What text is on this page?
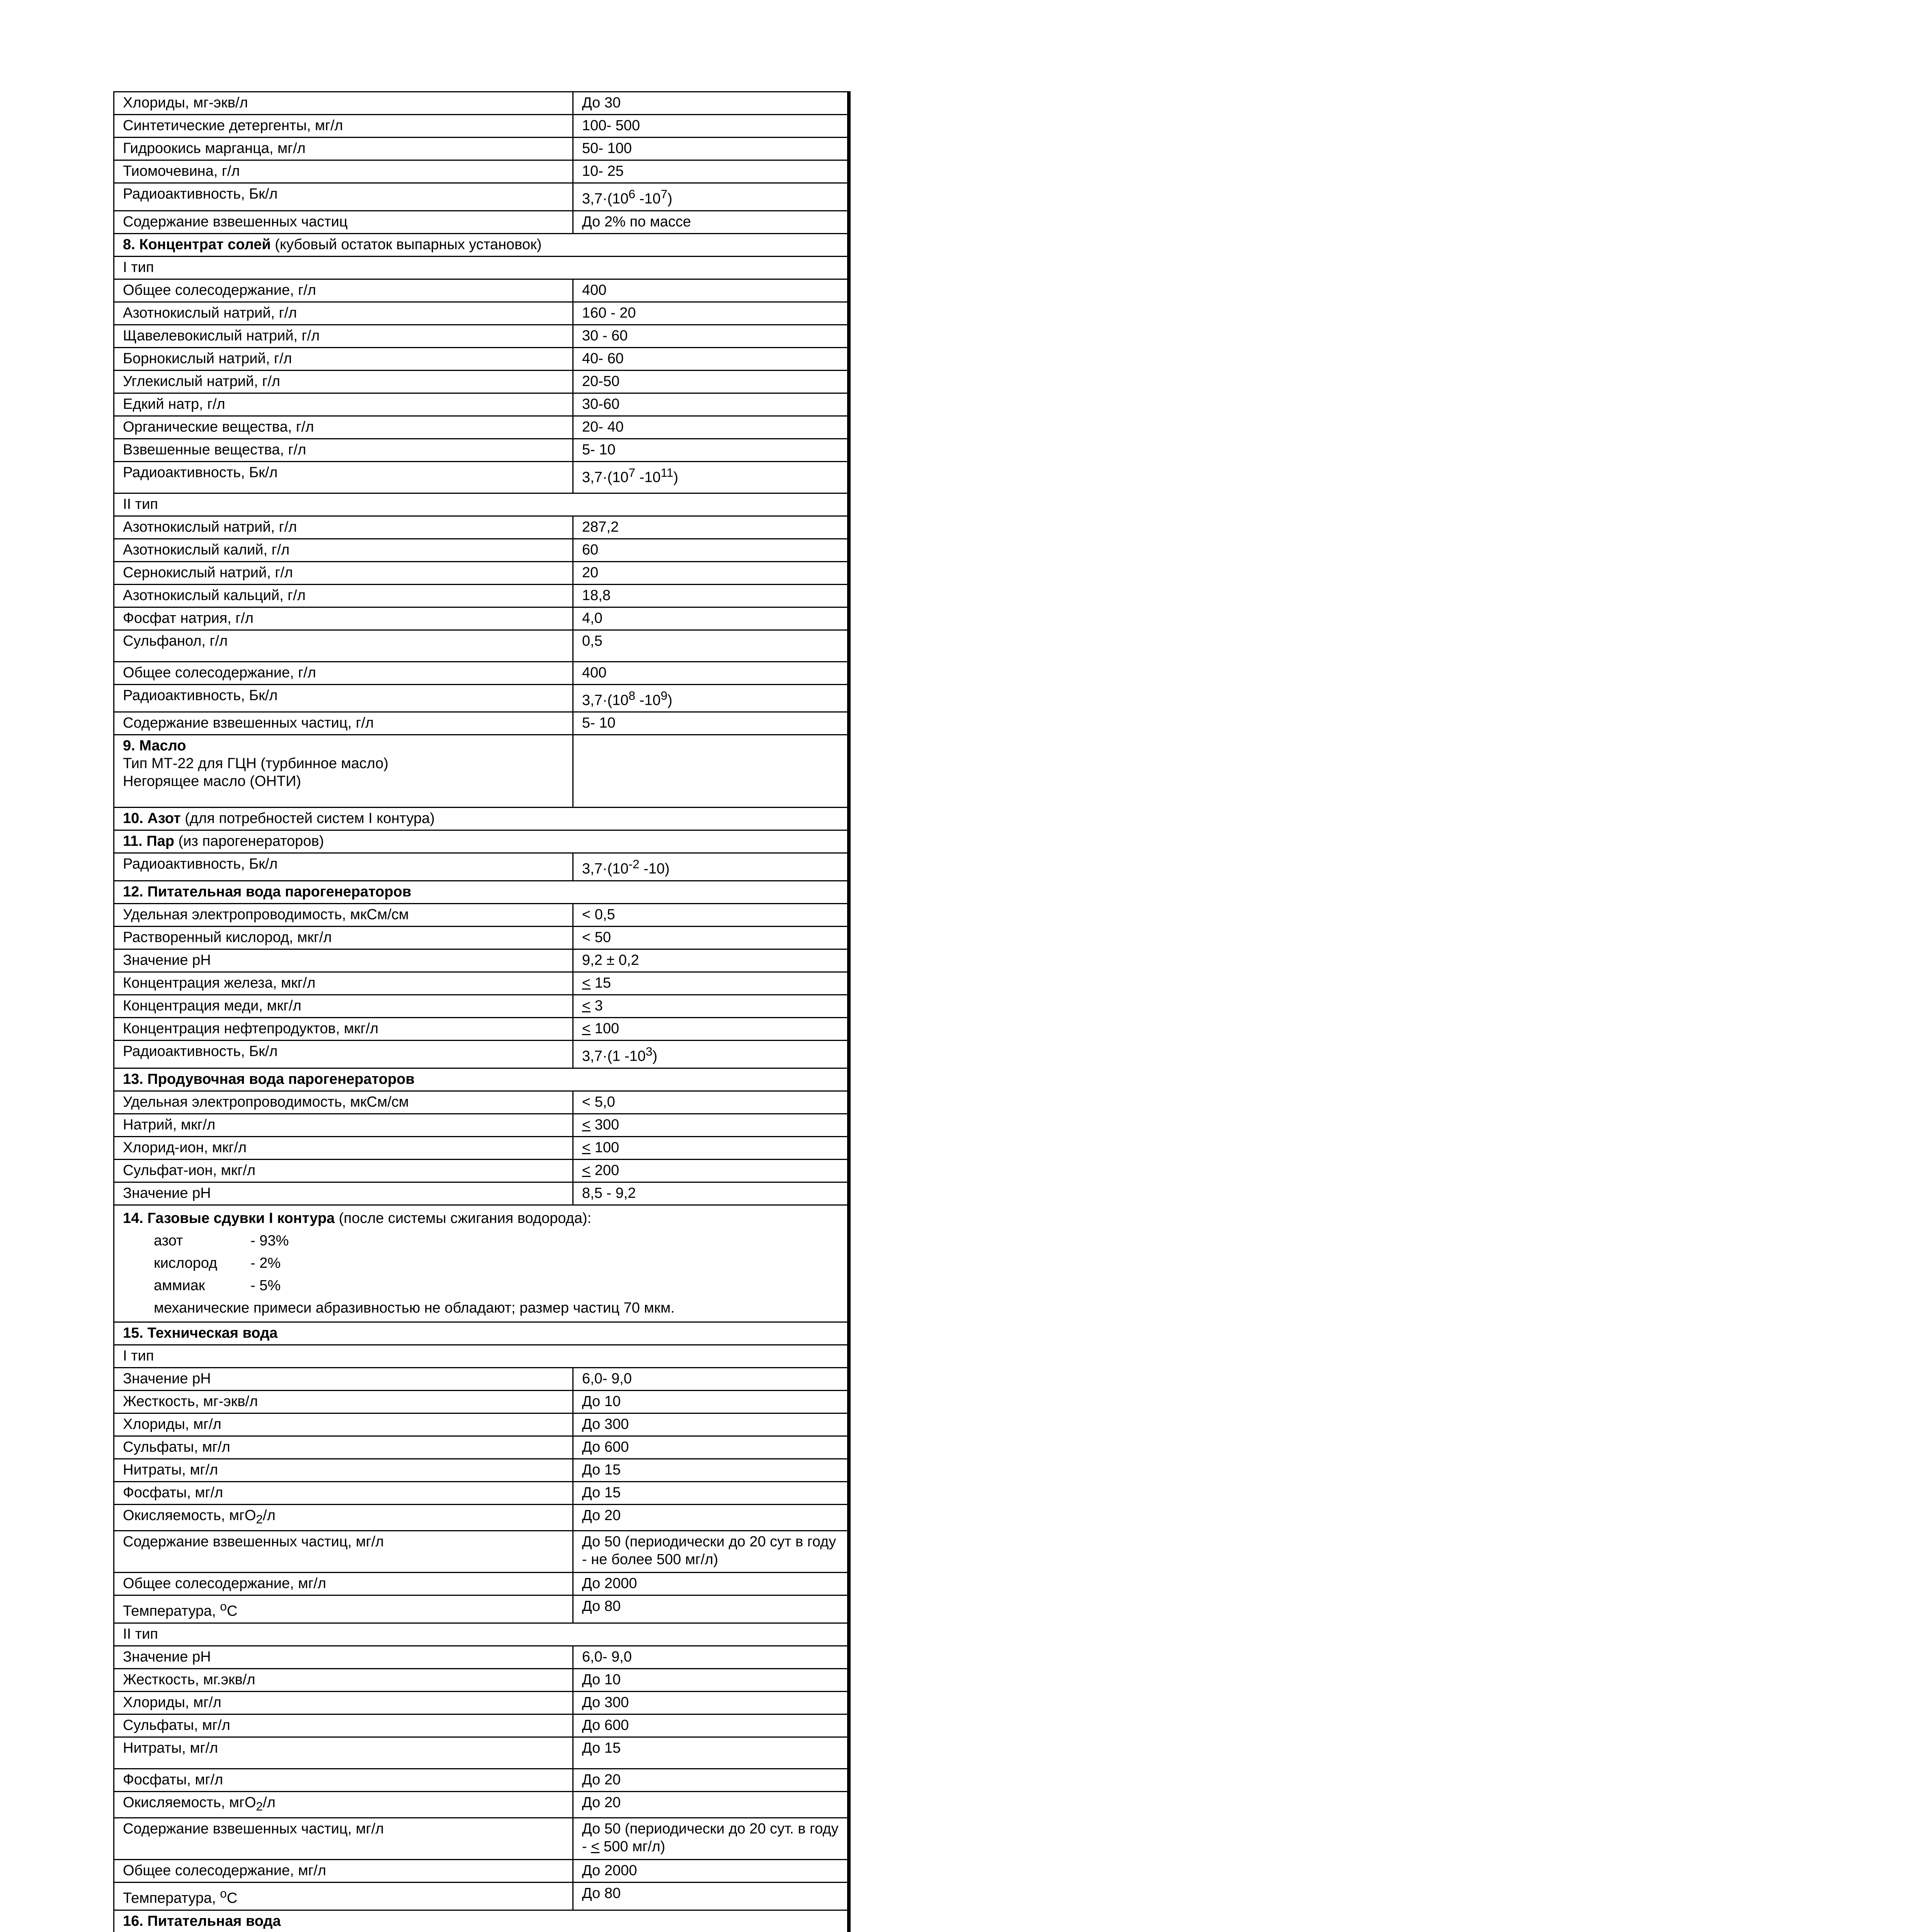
Хлориды, мг-экв/л	До 30
Синтетические детергенты, мг/л	100- 500
Гидроокись марганца, мг/л	50- 100
Тиомочевина, г/л	10- 25
Радиоактивность, Бк/л	$3,7\cdot(10^6$ $-10^7$)
Содержание взвешенных частиц	До 2% по массе
8. Концентрат солей (кубовый остаток выпарных установок)	
I тип	
Общее солесодержание, г/л	400
Азотнокислый натрий, г/л	160 - 20
Щавелевокислый натрий, г/л	30 - 60
Борнокислый натрий, г/л	40- 60
Углекислый натрий, г/л	20-50
Едкий натр, г/л	30-60
Органические вещества, г/л	20- 40
Взвешенные вещества, г/л	5- 10
Радиоактивность, Бк/л	$3,7\cdot(10^7$ $-10^{11}$)
II тип	
Азотнокислый натрий, г/л	287,2
Азотнокислый калий, г/л	60
Сернокислый натрий, г/л	20
Азотнокислый кальций, г/л	18,8
Фосфат натрия, г/л	4,0
Сульфанол, г/л	0,5
Общее солесодержание, г/л	400
Радиоактивность, Бк/л	$3,7\cdot(10^8$ $-10^9$)
Содержание взвешенных частиц, г/л	5- 10

9. Масло
Тип МТ-22 для ГЦН (турбинное масло)
Негорящее масло (ОНТИ)	

10. Азот (для потребностей систем I контура)	
11. Пар (из парогенераторов)	
Радиоактивность, Бк/л	$3,7\cdot(10^{-2}$ -10)
12. Питательная вода парогенераторов	
Удельная электропроводимость, мкСм/см	< 0,5
Растворенный кислород, мкг/л	< 50
Значение pH	9,2 ± 0,2
Концентрация железа, мкг/л	< 15
Концентрация меди, мкг/л	< 3
Концентрация нефтепродуктов, мкг/л	< 100
Радиоактивность, Бк/л	3,7·(1 $-10^3$)
13. Продувочная вода парогенераторов	
Удельная электропроводимость, мкСм/см	< 5,0
Натрий, мкг/л	< 300
Хлорид-ион, мкг/л	< 100
Сульфат-ион, мкг/л	< 200
Значение pH	8,5 - 9,2

14. Газовые сдувки I контура (после системы сжигания водорода):
азот - 93%
кислород - 2%
аммиак - 5%
механические примеси абразивностью не обладают; размер частиц 70 мкм.	

15. Техническая вода	
I тип	
Значение pH	6,0- 9,0
Жесткость, мг-экв/л	До 10
Хлориды, мг/л	До 300
Сульфаты, мг/л	До 600
Нитраты, мг/л	До 15
Фосфаты, мг/л	До 15
Окисляемость, мгО$_2$/л	До 20
Содержание взвешенных частиц, мг/л	До 50 (периодически до 20 сут в году - не более 500 мг/л)
Общее солесодержание, мг/л	До 2000
Температура, $^о$С	До 80
II тип	
Значение pH	6,0- 9,0
Жесткость, мг.экв/л	До 10
Хлориды, мг/л	До 300
Сульфаты, мг/л	До 600
Нитраты, мг/л	До 15
Фосфаты, мг/л	До 20
Окисляемость, мгО$_2$/л	До 20
Содержание взвешенных частиц, мг/л	До 50 (периодически до 20 сут. в году - < 500 мг/л)
Общее солесодержание, мг/л	До 2000
Температура, $^о$С	До 80
16. Питательная вода	
